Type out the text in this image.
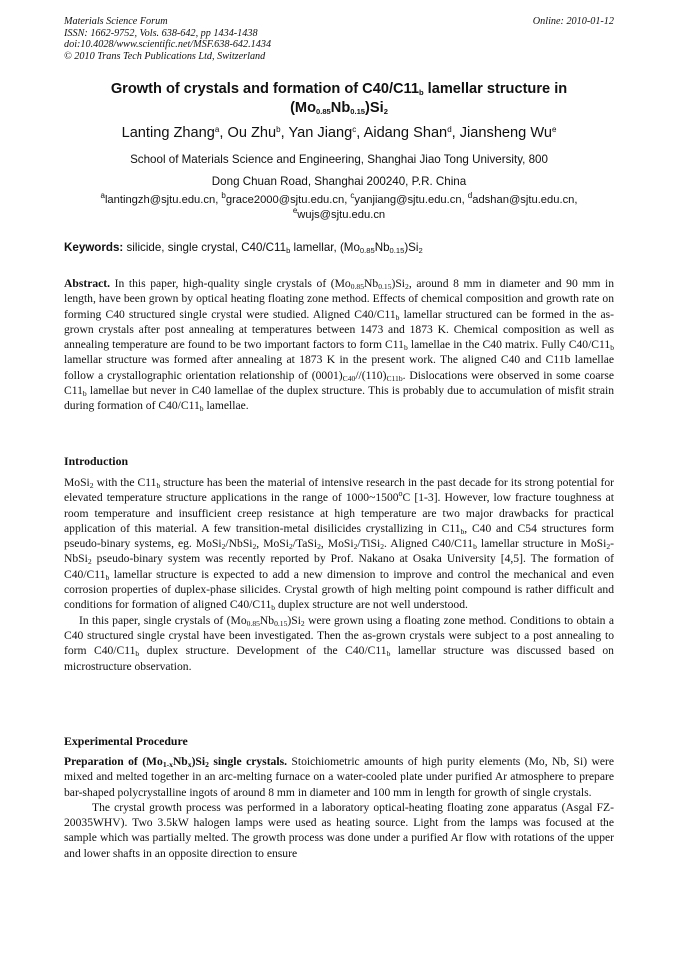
Materials Science Forum
ISSN: 1662-9752, Vols. 638-642, pp 1434-1438
doi:10.4028/www.scientific.net/MSF.638-642.1434
© 2010 Trans Tech Publications Ltd, Switzerland
Online: 2010-01-12
Growth of crystals and formation of $C40/C11_b$ lamellar structure in
$(Mo_{0.85}Nb_{0.15})Si_2$
Lanting Zhang$^a$, Ou Zhu$^b$, Yan Jiang$^c$, Aidang Shan$^d$, Jiansheng Wu$^e$
School of Materials Science and Engineering, Shanghai Jiao Tong University, 800
Dong Chuan Road, Shanghai 200240, P.R. China
$^a$lantingzh@sjtu.edu.cn, $^b$grace2000@sjtu.edu.cn, $^c$yanjiang@sjtu.edu.cn, $^d$adshan@sjtu.edu.cn,
$^e$wujs@sjtu.edu.cn
Keywords: silicide, single crystal, $C40/C11_b$ lamellar, $(Mo_{0.85}Nb_{0.15})Si_2$

Abstract. In this paper, high-quality single crystals of $(Mo_{0.85}Nb_{0.15})Si_2$, around 8 mm in diameter and 90 mm in length, have been grown by optical heating floating zone method. Effects of chemical composition and growth rate on forming C40 structured single crystal were studied. Aligned $C40/C11_b$ lamellar structured can be formed in the as-grown crystals after post annealing at temperatures between 1473 and 1873 K. Chemical composition as well as annealing temperature are found to be two important factors to form $C11_b$ lamellae in the C40 matrix. Fully $C40/C11_b$ lamellar structure was formed after annealing at 1873 K in the present work. The aligned C40 and C11b lamellae follow a crystallographic orientation relationship of $(0001)_{C40}//(110)_{C11b}$. Dislocations were observed in some coarse $C11_b$ lamellae but never in C40 lamellae of the duplex structure. This is probably due to accumulation of misfit strain during formation of $C40/C11_b$ lamellae.

Introduction

MoSi$_2$ with the $C11_b$ structure has been the material of intensive research in the past decade for its strong potential for elevated temperature structure applications in the range of 1000~1500$^o$C [1-3]. However, low fracture toughness at room temperature and insufficient creep resistance at high temperature are two major drawbacks for practical application of this material. A few transition-metal disilicides crystallizing in $C11_b$, C40 and C54 structures form pseudo-binary systems, eg. MoSi$_2$/NbSi$_2$, MoSi$_2$/TaSi$_2$, MoSi$_2$/TiSi$_2$. Aligned $C40/C11_b$ lamellar structure in MoSi$_2$-NbSi$_2$ pseudo-binary system was recently reported by Prof. Nakano at Osaka University [4,5]. The formation of $C40/C11_b$ lamellar structure is expected to add a new dimension to improve and control the mechanical and even corrosion properties of duplex-phase silicides. Crystal growth of high melting point compound is rather difficult and conditions for formation of aligned $C40/C11_b$ duplex structure are not well understood.

In this paper, single crystals of $(Mo_{0.85}Nb_{0.15})Si_2$ were grown using a floating zone method. Conditions to obtain a C40 structured single crystal have been investigated. Then the as-grown crystals were subject to a post annealing to form $C40/C11_b$ duplex structure. Development of the $C40/C11_b$ lamellar structure was discussed based on microstructure observation.

Experimental Procedure

Preparation of $(Mo_{1-x}Nb_x)Si_2$ single crystals. Stoichiometric amounts of high purity elements (Mo, Nb, Si) were mixed and melted together in an arc-melting furnace on a water-cooled plate under purified Ar atmosphere to prepare bar-shaped polycrystalline ingots of around 8 mm in diameter and 100 mm in length for growth of single crystals.

The crystal growth process was performed in a laboratory optical-heating floating zone apparatus (Asgal FZ-20035WHV). Two 3.5kW halogen lamps were used as heating source. Light from the lamps was focused at the sample which was partially melted. The growth process was done under a purified Ar flow with rotations of the upper and lower shafts in an opposite direction to ensure
